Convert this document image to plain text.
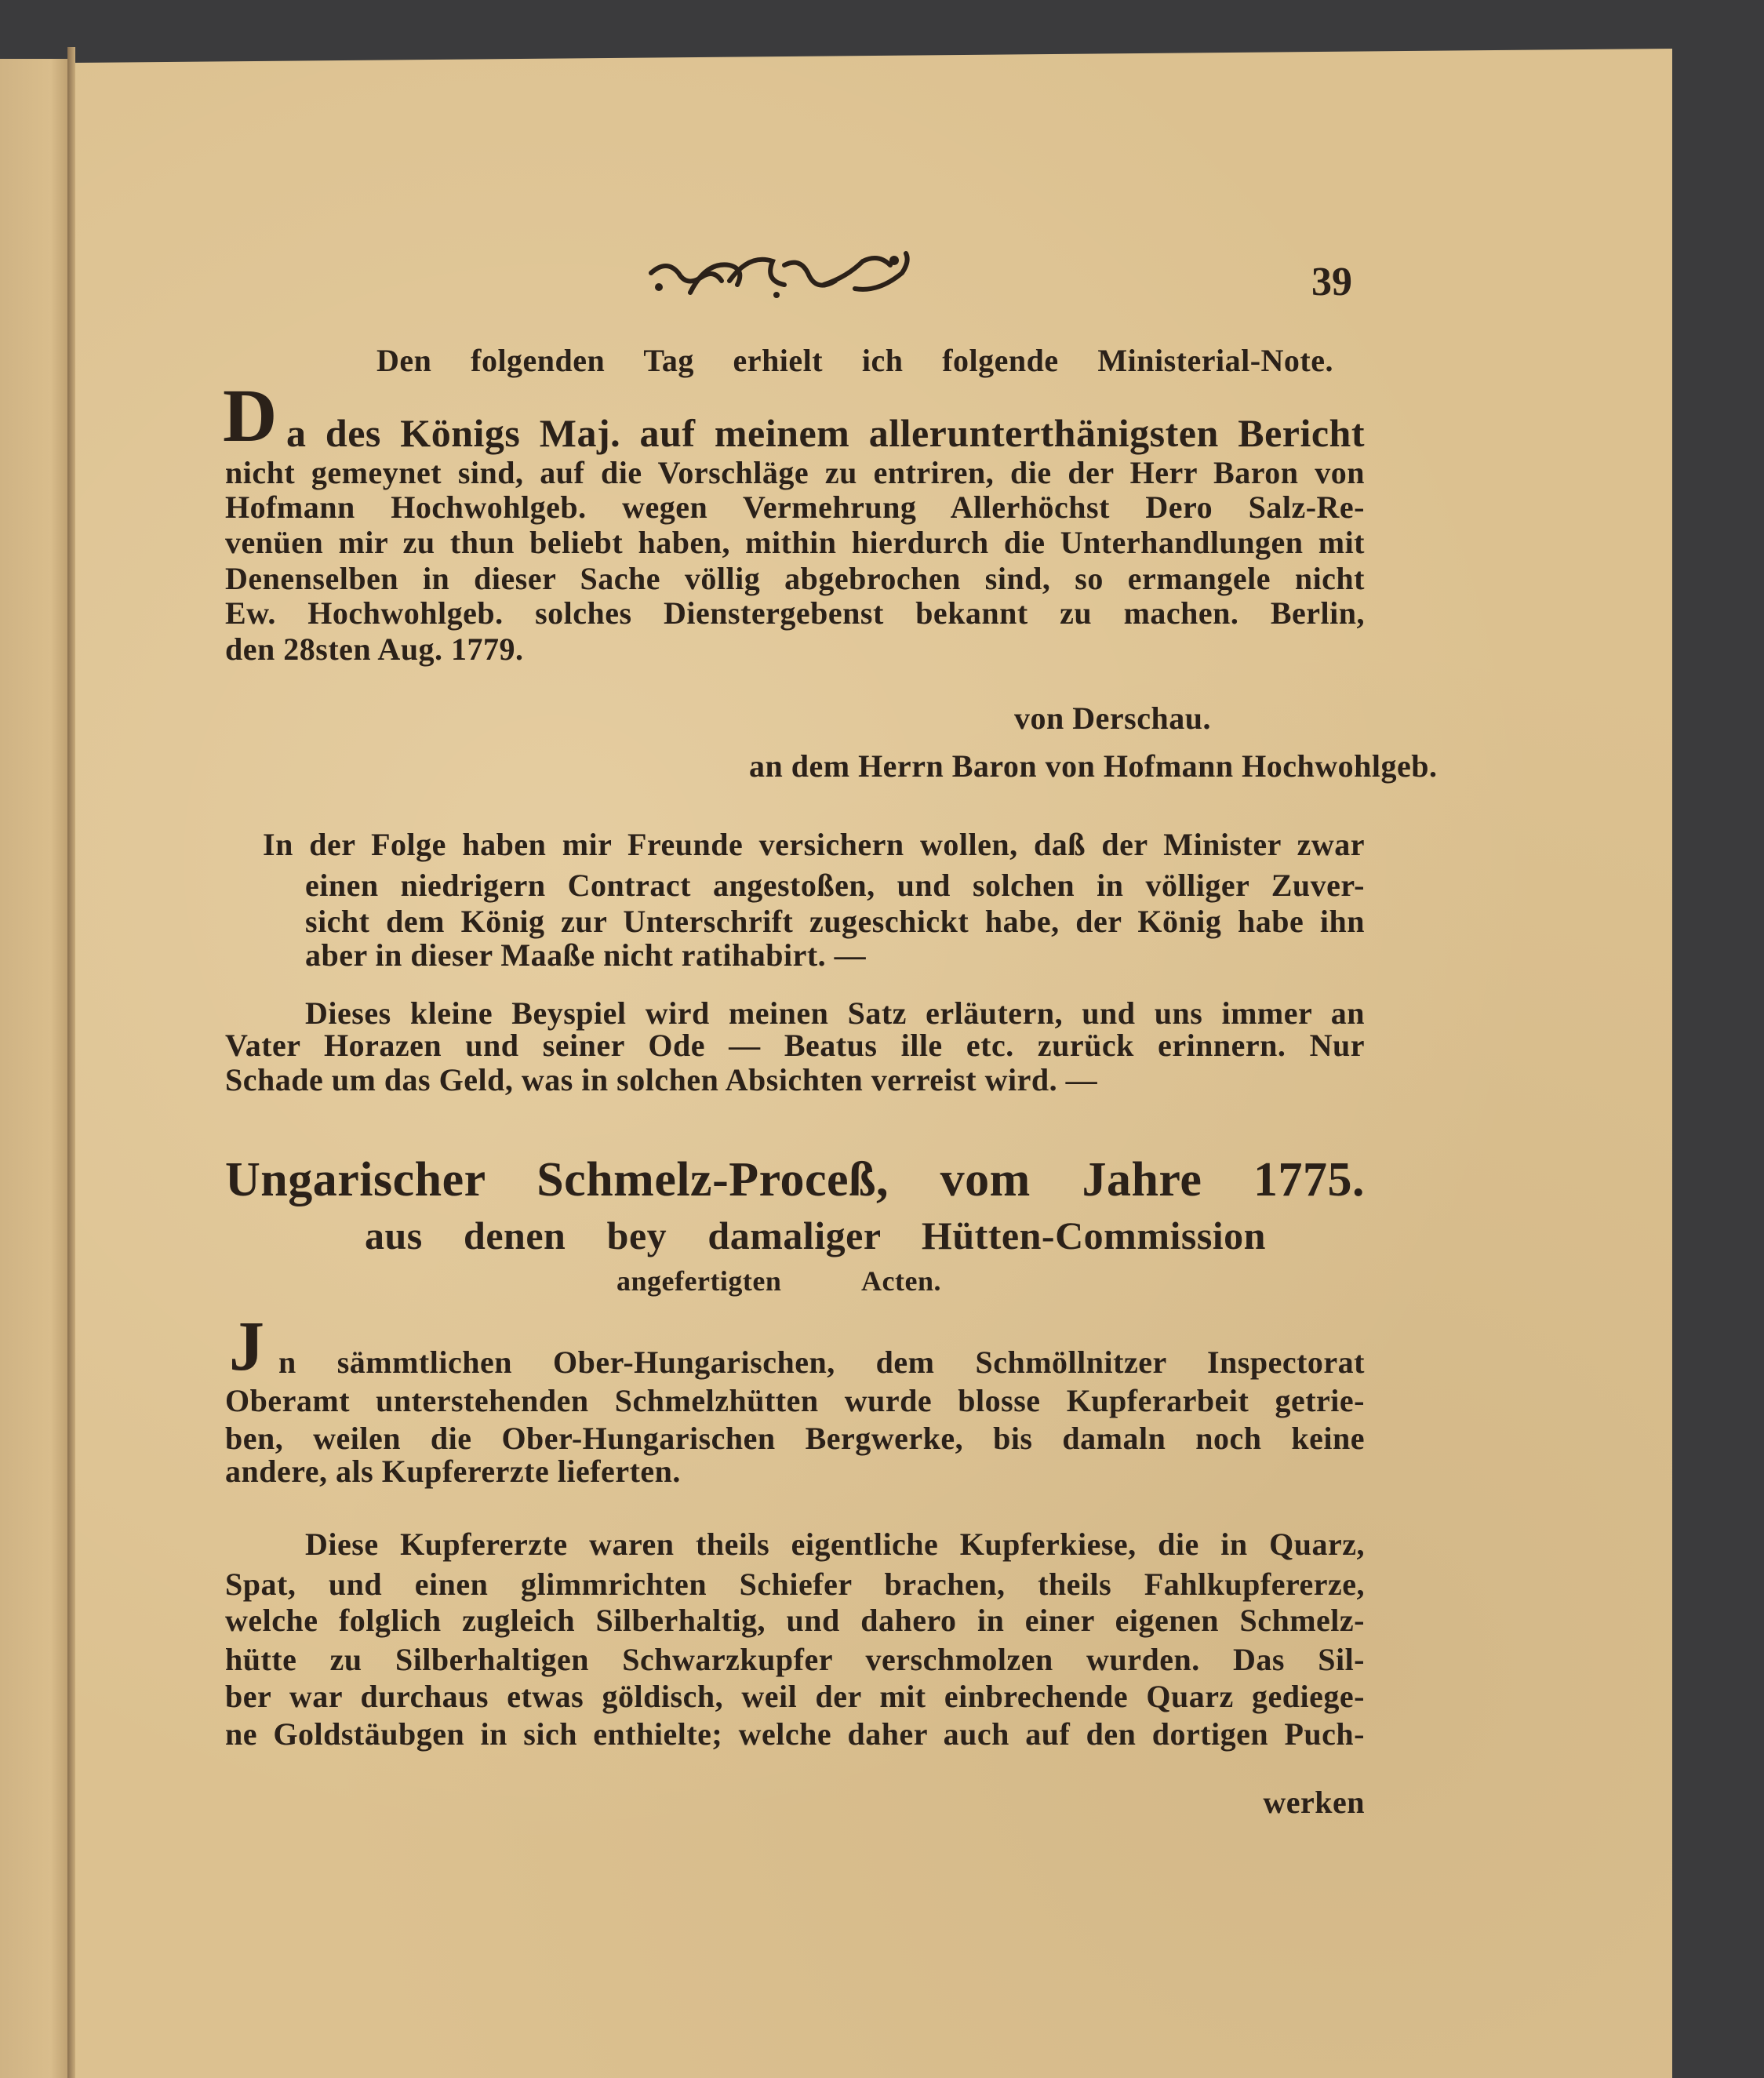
39
Den folgenden Tag erhielt ich folgende Ministerial-Note.
a des Königs Maj. auf meinem allerunterthänigsten Bericht
nicht gemeynet sind, auf die Vorschläge zu entriren, die der Herr Baron von
Hofmann Hochwohlgeb. wegen Vermehrung Allerhöchst Dero Salz-Re-
venüen mir zu thun beliebt haben, mithin hierdurch die Unterhandlungen mit
Denenselben in dieser Sache völlig abgebrochen sind, so ermangele nicht
Ew. Hochwohlgeb. solches Dienstergebenst bekannt zu machen. Berlin,
den 28sten Aug. 1779.
von Derschau.
an dem Herrn Baron von Hofmann Hochwohlgeb.
In der Folge haben mir Freunde versichern wollen, daß der Minister zwar
einen niedrigern Contract angestoßen, und solchen in völliger Zuver-
sicht dem König zur Unterschrift zugeschickt habe, der König habe ihn
aber in dieser Maaße nicht ratihabirt. —
Dieses kleine Beyspiel wird meinen Satz erläutern, und uns immer an
Vater Horazen und seiner Ode — Beatus ille etc. zurück erinnern. Nur
Schade um das Geld, was in solchen Absichten verreist wird. —
Ungarischer Schmelz-Proceß, vom Jahre 1775.
aus denen bey damaliger Hütten-Commission
angefertigten Acten.
n sämmtlichen Ober-Hungarischen, dem Schmöllnitzer Inspectorat
Oberamt unterstehenden Schmelzhütten wurde blosse Kupferarbeit getrie-
ben, weilen die Ober-Hungarischen Bergwerke, bis damaln noch keine
andere, als Kupfererzte lieferten.
Diese Kupfererzte waren theils eigentliche Kupferkiese, die in Quarz,
Spat, und einen glimmrichten Schiefer brachen, theils Fahlkupfererze,
welche folglich zugleich Silberhaltig, und dahero in einer eigenen Schmelz-
hütte zu Silberhaltigen Schwarzkupfer verschmolzen wurden. Das Sil-
ber war durchaus etwas göldisch, weil der mit einbrechende Quarz gediege-
ne Goldstäubgen in sich enthielte; welche daher auch auf den dortigen Puch-
werken
D
J
